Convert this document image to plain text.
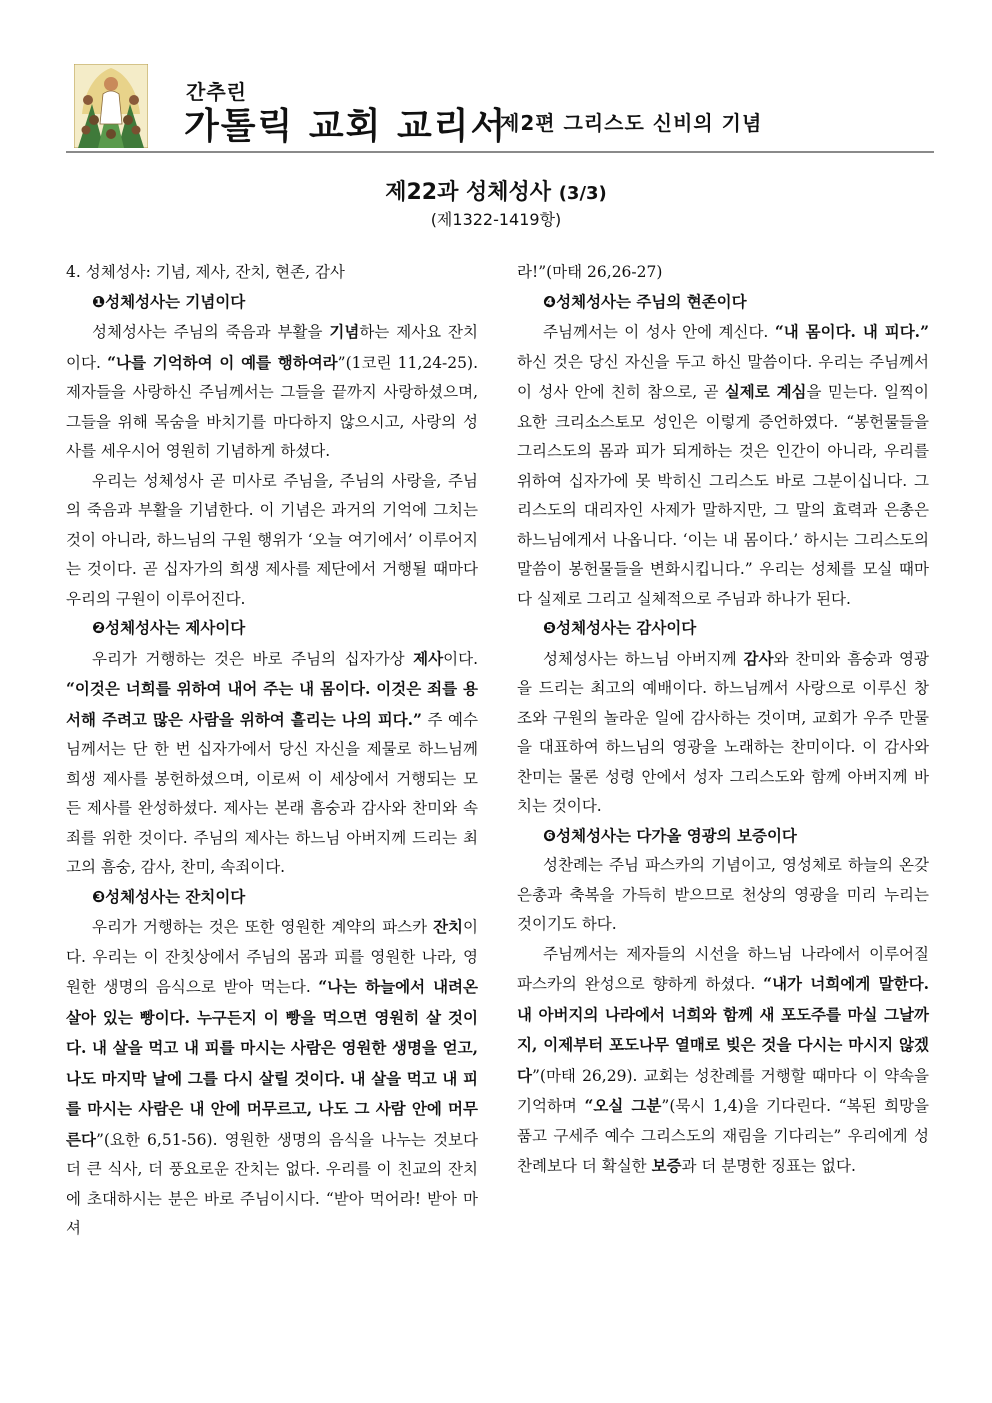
간추린
가톨릭 교회 교리서
제2편 그리스도 신비의 기념
제22과 성체성사 (3/3)
(제1322-1419항)
4. 성체성사: 기념, 제사, 잔치, 현존, 감사
❶성체성사는 기념이다

성체성사는 주님의 죽음과 부활을 기념하는 제사요 잔치이다. “나를 기억하여 이 예를 행하여라”(1코린 11,24-25). 제자들을 사랑하신 주님께서는 그들을 끝까지 사랑하셨으며, 그들을 위해 목숨을 바치기를 마다하지 않으시고, 사랑의 성사를 세우시어 영원히 기념하게 하셨다.

우리는 성체성사 곧 미사로 주님을, 주님의 사랑을, 주님의 죽음과 부활을 기념한다. 이 기념은 과거의 기억에 그치는 것이 아니라, 하느님의 구원 행위가 ‘오늘 여기에서’ 이루어지는 것이다. 곧 십자가의 희생 제사를 제단에서 거행될 때마다 우리의 구원이 이루어진다.

❷성체성사는 제사이다

우리가 거행하는 것은 바로 주님의 십자가상 제사이다. “이것은 너희를 위하여 내어 주는 내 몸이다. 이것은 죄를 용서해 주려고 많은 사람을 위하여 흘리는 나의 피다.” 주 예수님께서는 단 한 번 십자가에서 당신 자신을 제물로 하느님께 희생 제사를 봉헌하셨으며, 이로써 이 세상에서 거행되는 모든 제사를 완성하셨다. 제사는 본래 흠숭과 감사와 찬미와 속죄를 위한 것이다. 주님의 제사는 하느님 아버지께 드리는 최고의 흠숭, 감사, 찬미, 속죄이다.

❸성체성사는 잔치이다

우리가 거행하는 것은 또한 영원한 계약의 파스카 잔치이다. 우리는 이 잔칫상에서 주님의 몸과 피를 영원한 나라, 영원한 생명의 음식으로 받아 먹는다. “나는 하늘에서 내려온 살아 있는 빵이다. 누구든지 이 빵을 먹으면 영원히 살 것이다. 내 살을 먹고 내 피를 마시는 사람은 영원한 생명을 얻고, 나도 마지막 날에 그를 다시 살릴 것이다. 내 살을 먹고 내 피를 마시는 사람은 내 안에 머무르고, 나도 그 사람 안에 머무른다”(요한 6,51-56). 영원한 생명의 음식을 나누는 것보다 더 큰 식사, 더 풍요로운 잔치는 없다. 우리를 이 친교의 잔치에 초대하시는 분은 바로 주님이시다. “받아 먹어라! 받아 마셔

라!”(마태 26,26-27)

❹성체성사는 주님의 현존이다

주님께서는 이 성사 안에 계신다. “내 몸이다. 내 피다.” 하신 것은 당신 자신을 두고 하신 말씀이다. 우리는 주님께서 이 성사 안에 친히 참으로, 곧 실제로 계심을 믿는다. 일찍이 요한 크리소스토모 성인은 이렇게 증언하였다. “봉헌물들을 그리스도의 몸과 피가 되게하는 것은 인간이 아니라, 우리를 위하여 십자가에 못 박히신 그리스도 바로 그분이십니다. 그리스도의 대리자인 사제가 말하지만, 그 말의 효력과 은총은 하느님에게서 나옵니다. ‘이는 내 몸이다.’ 하시는 그리스도의 말씀이 봉헌물들을 변화시킵니다.” 우리는 성체를 모실 때마다 실제로 그리고 실체적으로 주님과 하나가 된다.

❺성체성사는 감사이다

성체성사는 하느님 아버지께 감사와 찬미와 흠숭과 영광을 드리는 최고의 예배이다. 하느님께서 사랑으로 이루신 창조와 구원의 놀라운 일에 감사하는 것이며, 교회가 우주 만물을 대표하여 하느님의 영광을 노래하는 찬미이다. 이 감사와 찬미는 물론 성령 안에서 성자 그리스도와 함께 아버지께 바치는 것이다.

❻성체성사는 다가올 영광의 보증이다

성찬례는 주님 파스카의 기념이고, 영성체로 하늘의 온갖 은총과 축복을 가득히 받으므로 천상의 영광을 미리 누리는 것이기도 하다.

주님께서는 제자들의 시선을 하느님 나라에서 이루어질 파스카의 완성으로 향하게 하셨다. “내가 너희에게 말한다. 내 아버지의 나라에서 너희와 함께 새 포도주를 마실 그날까지, 이제부터 포도나무 열매로 빚은 것을 다시는 마시지 않겠다”(마태 26,29). 교회는 성찬례를 거행할 때마다 이 약속을 기억하며 “오실 그분”(묵시 1,4)을 기다린다. “복된 희망을 품고 구세주 예수 그리스도의 재림을 기다리는” 우리에게 성찬례보다 더 확실한 보증과 더 분명한 징표는 없다.
